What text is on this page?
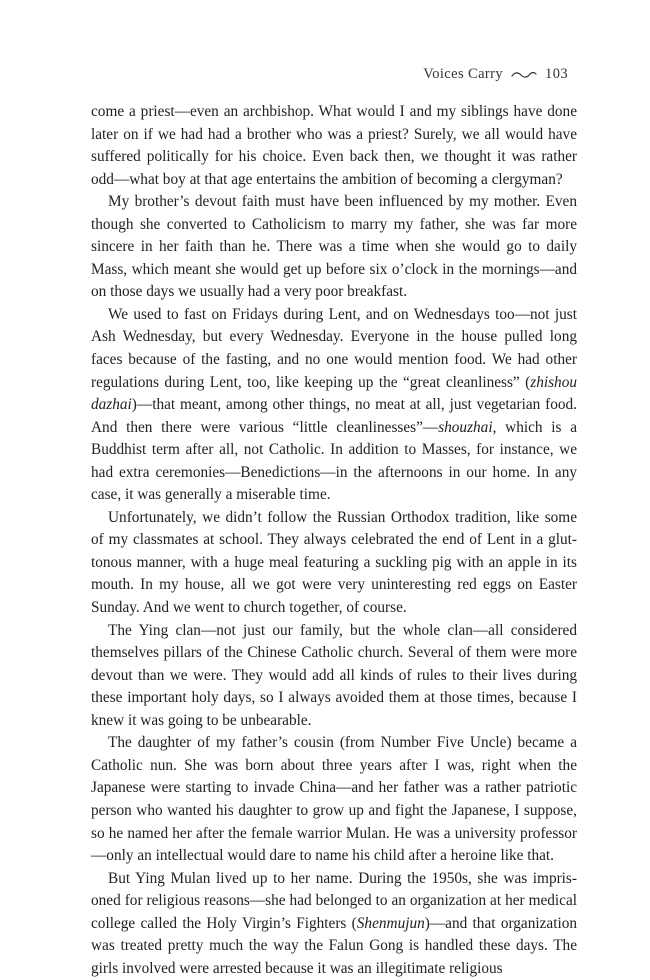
Voices Carry	103

come a priest—even an archbishop. What would I and my siblings have done later on if we had had a brother who was a priest? Surely, we all would have suffered politically for his choice. Even back then, we thought it was rather odd—what boy at that age entertains the ambition of becoming a clergyman?

My brother’s devout faith must have been influenced by my mother. Even though she converted to Catholicism to marry my father, she was far more sincere in her faith than he. There was a time when she would go to daily Mass, which meant she would get up before six o’clock in the mornings—and on those days we usually had a very poor breakfast.

We used to fast on Fridays during Lent, and on Wednesdays too—not just Ash Wednesday, but every Wednesday. Everyone in the house pulled long faces because of the fasting, and no one would mention food. We had other regulations during Lent, too, like keeping up the “great cleanliness” (zhishou dazhai)—that meant, among other things, no meat at all, just vegetarian food. And then there were various “little cleanlinesses”—shouzhai, which is a Buddhist term after all, not Catholic. In addition to Masses, for instance, we had extra ceremonies—Benedictions—in the afternoons in our home. In any case, it was generally a miserable time.

Unfortunately, we didn’t follow the Russian Orthodox tradition, like some of my classmates at school. They always celebrated the end of Lent in a gluttonous manner, with a huge meal featuring a suckling pig with an apple in its mouth. In my house, all we got were very uninteresting red eggs on Easter Sunday. And we went to church together, of course.

The Ying clan—not just our family, but the whole clan—all considered themselves pillars of the Chinese Catholic church. Several of them were more devout than we were. They would add all kinds of rules to their lives during these important holy days, so I always avoided them at those times, because I knew it was going to be unbearable.

The daughter of my father’s cousin (from Number Five Uncle) became a Catholic nun. She was born about three years after I was, right when the Japanese were starting to invade China—and her father was a rather patriotic person who wanted his daughter to grow up and fight the Japanese, I suppose, so he named her after the female warrior Mulan. He was a university professor—only an intellectual would dare to name his child after a heroine like that.

But Ying Mulan lived up to her name. During the 1950s, she was imprisoned for religious reasons—she had belonged to an organization at her medical college called the Holy Virgin’s Fighters (Shenmujun)—and that organization was treated pretty much the way the Falun Gong is handled these days. The girls involved were arrested because it was an illegitimate religious
